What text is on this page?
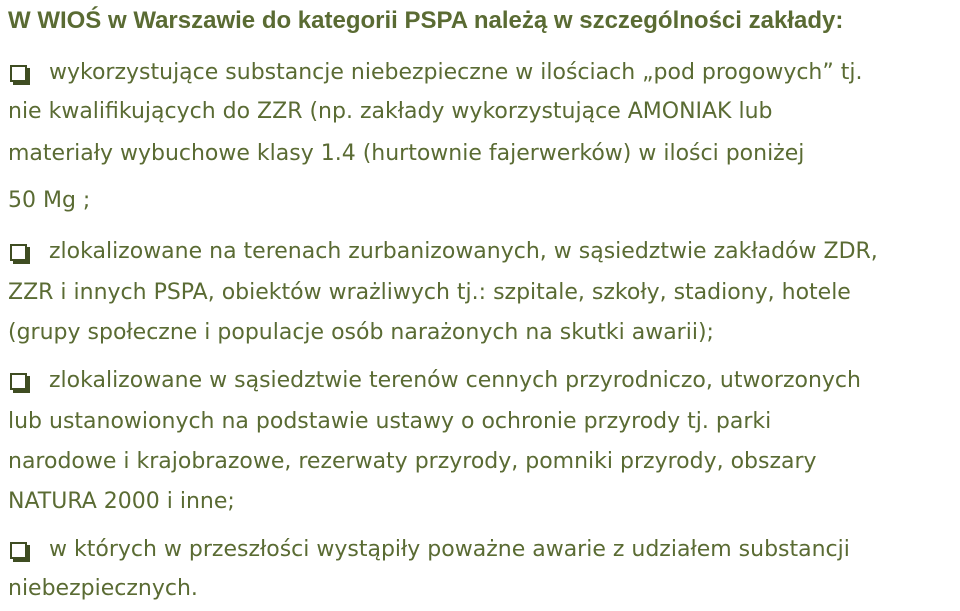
W WIOŚ w Warszawie do kategorii PSPA należą w szczególności zakłady:
wykorzystujące substancje niebezpieczne w ilościach „pod progowych” tj.

nie kwalifikujących do ZZR (np. zakłady wykorzystujące AMONIAK lub

materiały wybuchowe klasy 1.4 (hurtownie fajerwerków) w ilości poniżej

50 Mg ;

zlokalizowane na terenach zurbanizowanych, w sąsiedztwie zakładów ZDR,

ZZR i innych PSPA, obiektów wrażliwych tj.: szpitale, szkoły, stadiony, hotele

(grupy społeczne i populacje osób narażonych na skutki awarii);

zlokalizowane w sąsiedztwie terenów cennych przyrodniczo, utworzonych

lub ustanowionych na podstawie ustawy o ochronie przyrody tj. parki

narodowe i krajobrazowe, rezerwaty przyrody, pomniki przyrody, obszary

NATURA 2000 i inne;

w których w przeszłości wystąpiły poważne awarie z udziałem substancji

niebezpiecznych.
